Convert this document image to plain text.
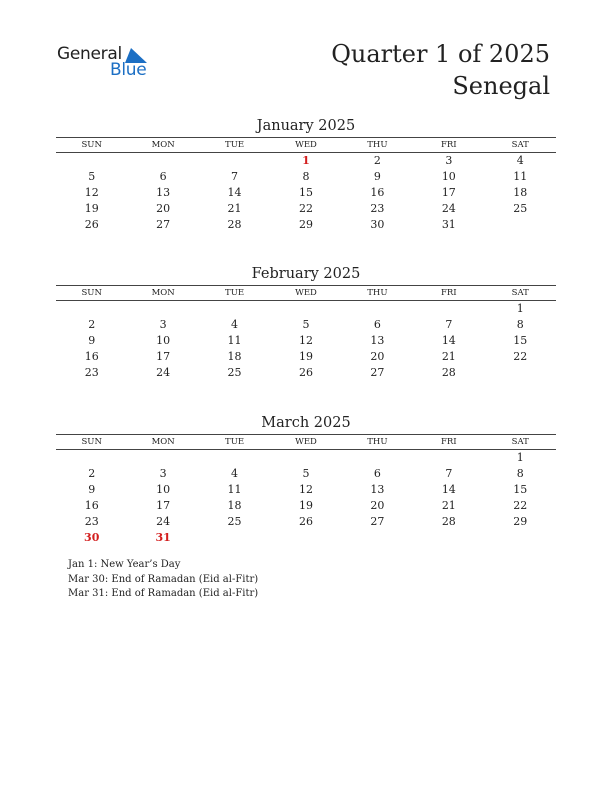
General
Blue
Quarter 1 of 2025
Senegal
January 2025
SUN	MON	TUE	WED	THU	FRI	SAT
			1	2	3	4
5	6	7	8	9	10	11
12	13	14	15	16	17	18
19	20	21	22	23	24	25
26	27	28	29	30	31	
February 2025
SUN	MON	TUE	WED	THU	FRI	SAT
						1
2	3	4	5	6	7	8
9	10	11	12	13	14	15
16	17	18	19	20	21	22
23	24	25	26	27	28	
March 2025
SUN	MON	TUE	WED	THU	FRI	SAT
						1
2	3	4	5	6	7	8
9	10	11	12	13	14	15
16	17	18	19	20	21	22
23	24	25	26	27	28	29
30	31					
Jan 1: New Year’s Day
Mar 30: End of Ramadan (Eid al-Fitr)
Mar 31: End of Ramadan (Eid al-Fitr)
